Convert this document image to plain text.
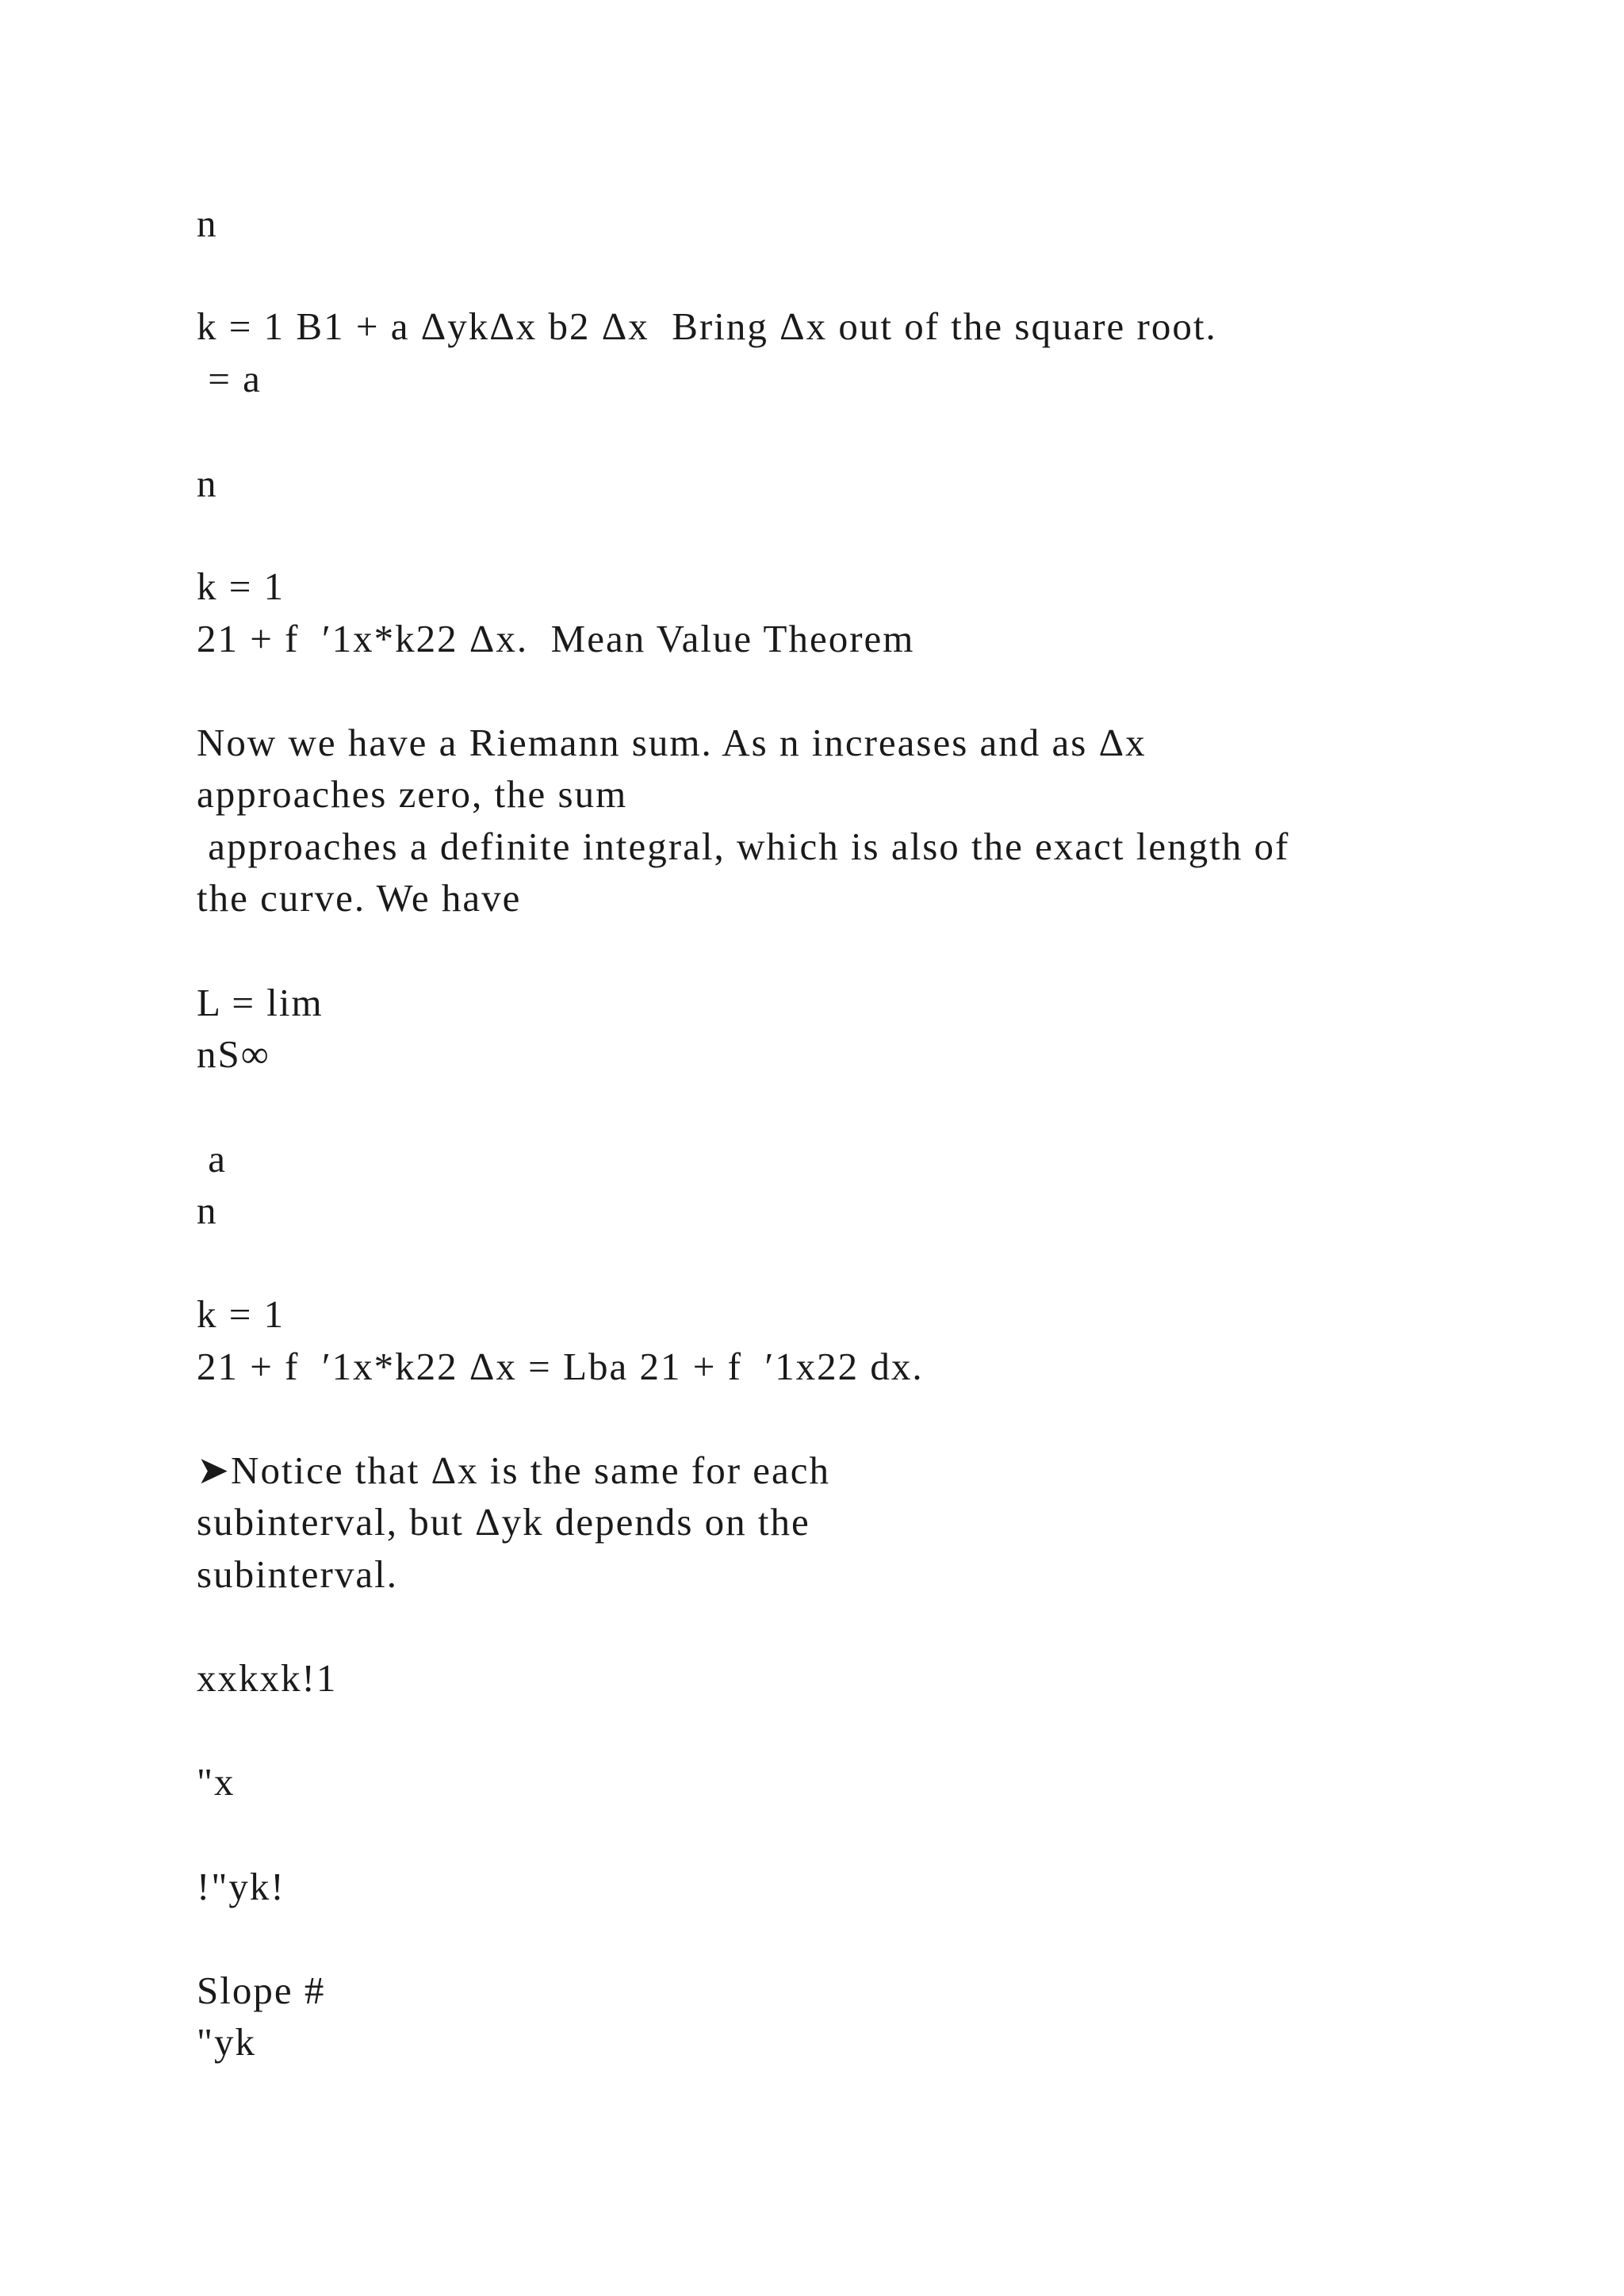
n

k = 1 B1 + a ΔykΔx b2 Δx  Bring Δx out of the square root.

= a

n

k = 1

21 + f  ′1x*k22 Δx.  Mean Value Theorem

Now we have a Riemann sum. As n increases and as Δx

approaches zero, the sum

approaches a definite integral, which is also the exact length of

the curve. We have

L = lim

nS∞

a

n

k = 1

21 + f  ′1x*k22 Δx = Lba 21 + f  ′1x22 dx.

➤Notice that Δx is the same for each

subinterval, but Δyk depends on the

subinterval.

xxkxk!1

"x

!"yk!

Slope #

"yk
